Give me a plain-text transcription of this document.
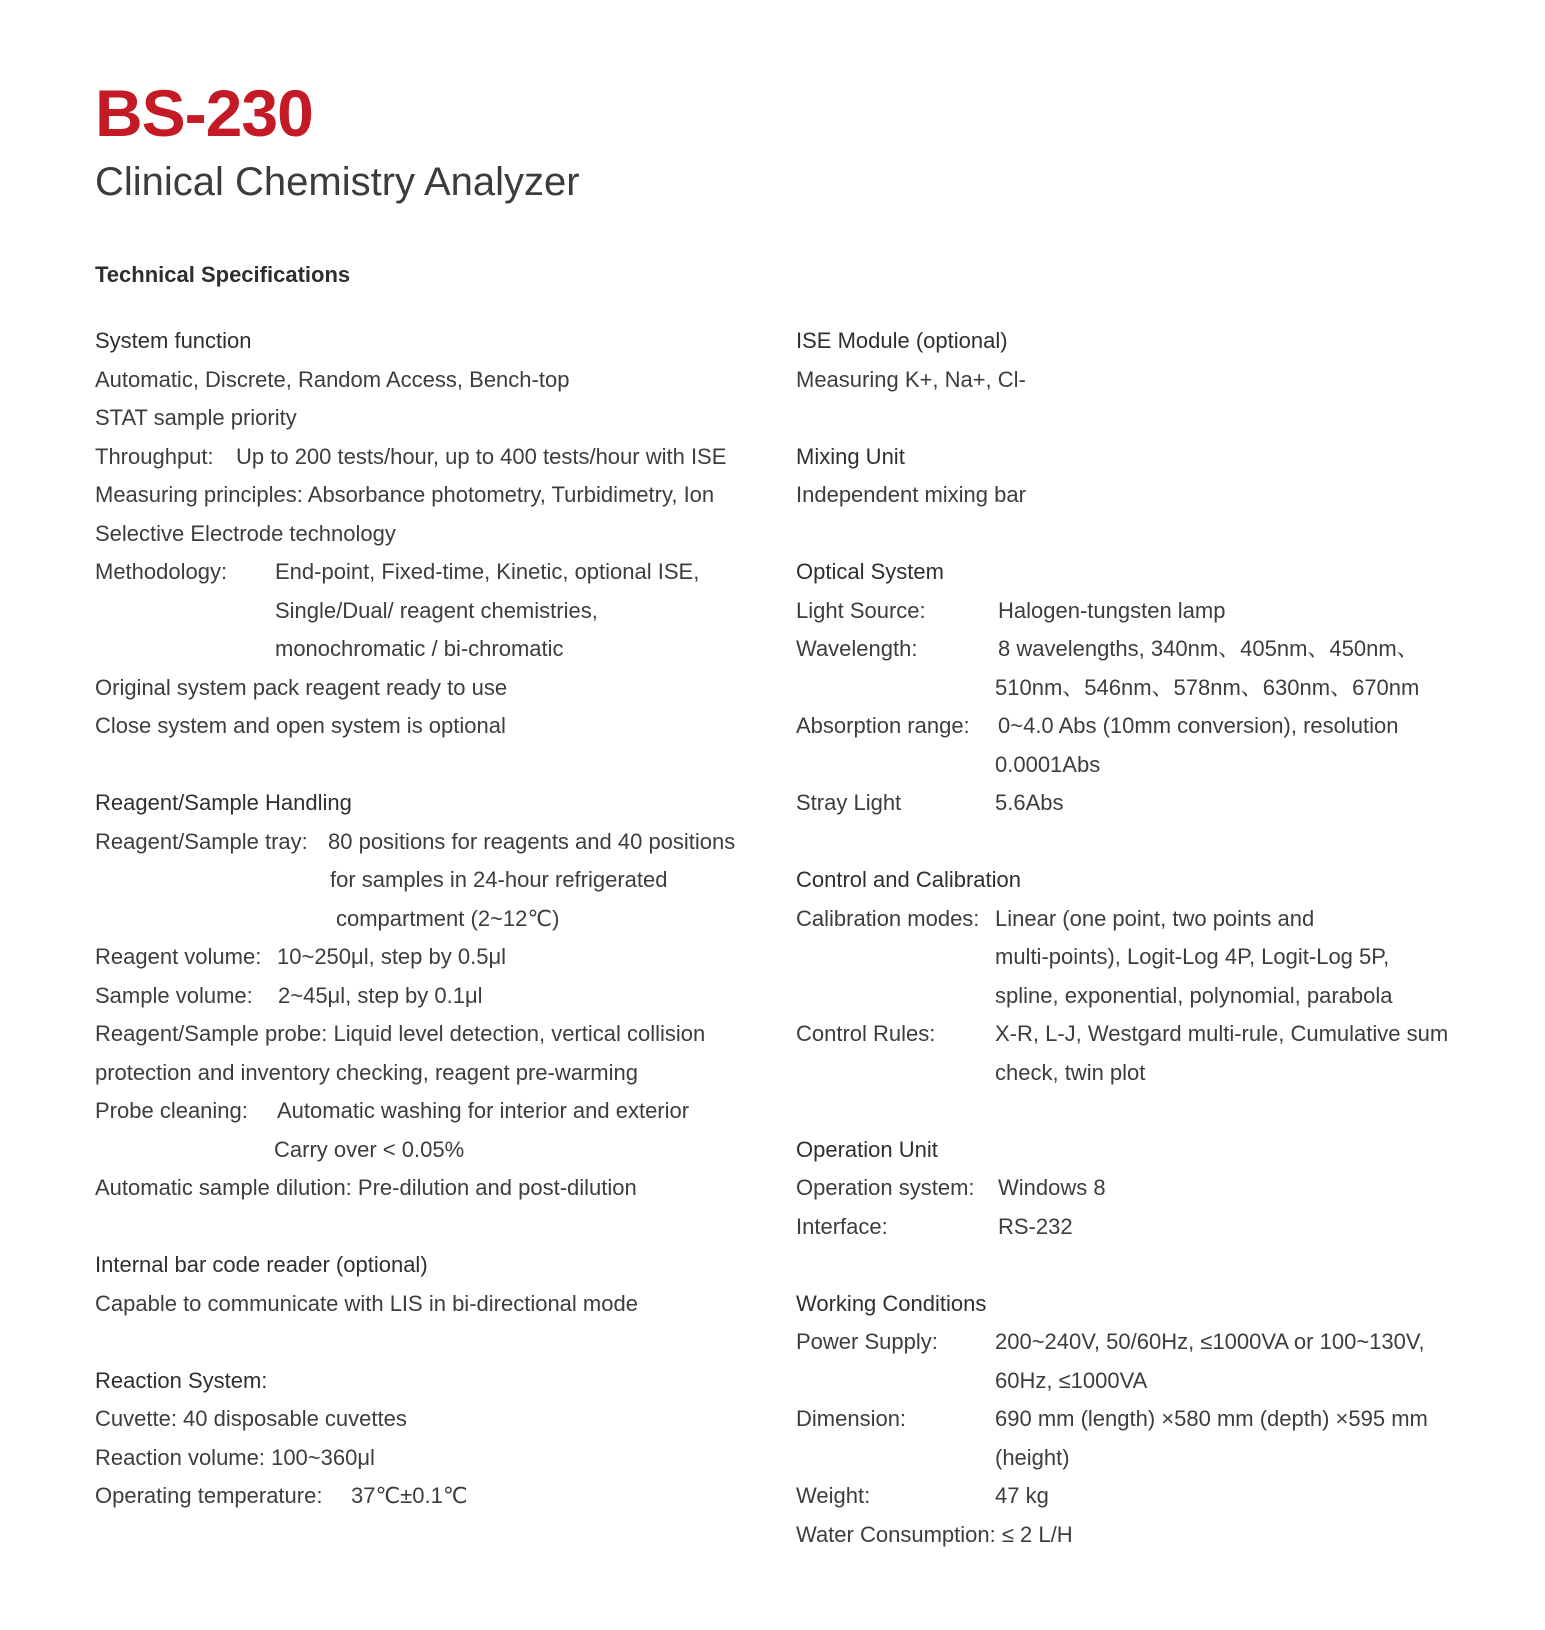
BS-230
Clinical Chemistry Analyzer
Technical Specifications
System function
Automatic, Discrete, Random Access, Bench-top
STAT sample priority
Throughput:	Up to 200 tests/hour, up to 400 tests/hour with ISE
Measuring principles: Absorbance photometry, Turbidimetry, Ion
Selective Electrode technology
Methodology:	End-point, Fixed-time, Kinetic, optional ISE,
Single/Dual/ reagent chemistries,
monochromatic / bi-chromatic
Original system pack reagent ready to use
Close system and open system is optional
Reagent/Sample Handling
Reagent/Sample tray: 80 positions for reagents and 40 positions
for samples in 24-hour refrigerated
compartment (2~12℃)
Reagent volume: 10~250μl, step by 0.5μl
Sample volume:	2~45μl, step by 0.1μl
Reagent/Sample probe: Liquid level detection, vertical collision
protection and inventory checking, reagent pre-warming
Probe cleaning:	Automatic washing for interior and exterior
Carry over < 0.05%
Automatic sample dilution: Pre-dilution and post-dilution
Internal bar code reader (optional)
Capable to communicate with LIS in bi-directional mode
Reaction System:
Cuvette: 40 disposable cuvettes
Reaction volume: 100~360μl
Operating temperature:	37℃±0.1℃
ISE Module (optional)
Measuring K+, Na+, Cl-
Mixing Unit
Independent mixing bar
Optical System
Light Source:	Halogen-tungsten lamp
Wavelength:	8 wavelengths, 340nm、405nm、450nm、
510nm、546nm、578nm、630nm、670nm
Absorption range:	0~4.0 Abs (10mm conversion), resolution
0.0001Abs
Stray Light	5.6Abs
Control and Calibration
Calibration modes: Linear (one point, two points and
multi-points), Logit-Log 4P, Logit-Log 5P,
spline, exponential, polynomial, parabola
Control Rules:	X-R, L-J, Westgard multi-rule, Cumulative sum
check, twin plot
Operation Unit
Operation system:	Windows 8
Interface:	RS-232
Working Conditions
Power Supply:	200~240V, 50/60Hz, ≤1000VA or 100~130V,
60Hz, ≤1000VA
Dimension:	690 mm (length) ×580 mm (depth) ×595 mm
(height)
Weight:	47 kg
Water Consumption: ≤ 2 L/H
